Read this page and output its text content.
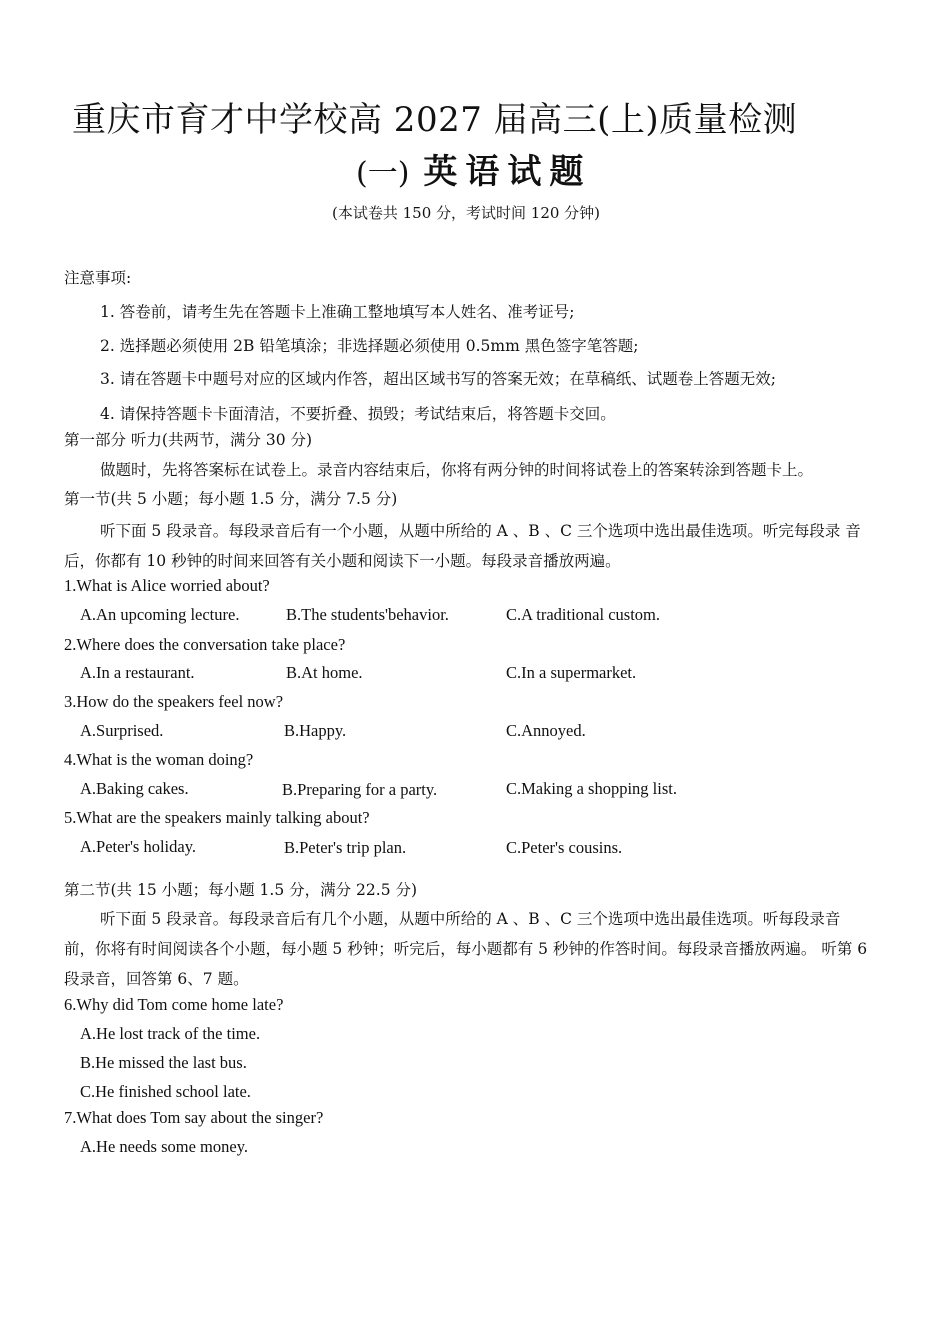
重庆市育才中学校高 2027 届高三(上)质量检测
(一) 英语试题
(本试卷共 150 分，考试时间 120 分钟)
注意事项:
1. 答卷前，请考生先在答题卡上准确工整地填写本人姓名、准考证号;
2. 选择题必须使用 2B 铅笔填涂；非选择题必须使用 0.5mm 黑色签字笔答题;
3. 请在答题卡中题号对应的区域内作答，超出区域书写的答案无效；在草稿纸、试题卷上答题无效;
4. 请保持答题卡卡面清洁，不要折叠、损毁；考试结束后，将答题卡交回。
第一部分 听力(共两节，满分 30 分)
做题时，先将答案标在试卷上。录音内容结束后，你将有两分钟的时间将试卷上的答案转涂到答题卡上。
第一节(共 5 小题；每小题 1.5 分，满分 7.5 分)
听下面 5 段录音。每段录音后有一个小题，从题中所给的 A 、B 、C 三个选项中选出最佳选项。听完每段录 音后，你都有 10 秒钟的时间来回答有关小题和阅读下一小题。每段录音播放两遍。
1.What is Alice worried about?
A.An upcoming lecture.	B.The students'behavior.	C.A traditional custom.
2.Where does the conversation take place?
A.In a restaurant.	B.At home.	C.In a supermarket.
3.How do the speakers feel now?
A.Surprised.	B.Happy.	C.Annoyed.
4.What is the woman doing?
A.Baking cakes.	B.Preparing for a party.	C.Making a shopping list.
5.What are the speakers mainly talking about?
A.Peter's holiday.	B.Peter's trip plan.	C.Peter's cousins.
第二节(共 15 小题；每小题 1.5 分，满分 22.5 分)
听下面 5 段录音。每段录音后有几个小题，从题中所给的 A 、B 、C 三个选项中选出最佳选项。听每段录音 前，你将有时间阅读各个小题，每小题 5 秒钟；听完后，每小题都有 5 秒钟的作答时间。每段录音播放两遍。 听第 6 段录音，回答第 6、7 题。
6.Why did Tom come home late?
A.He lost track of the time.
B.He missed the last bus.
C.He finished school late.
7.What does Tom say about the singer?
A.He needs some money.
